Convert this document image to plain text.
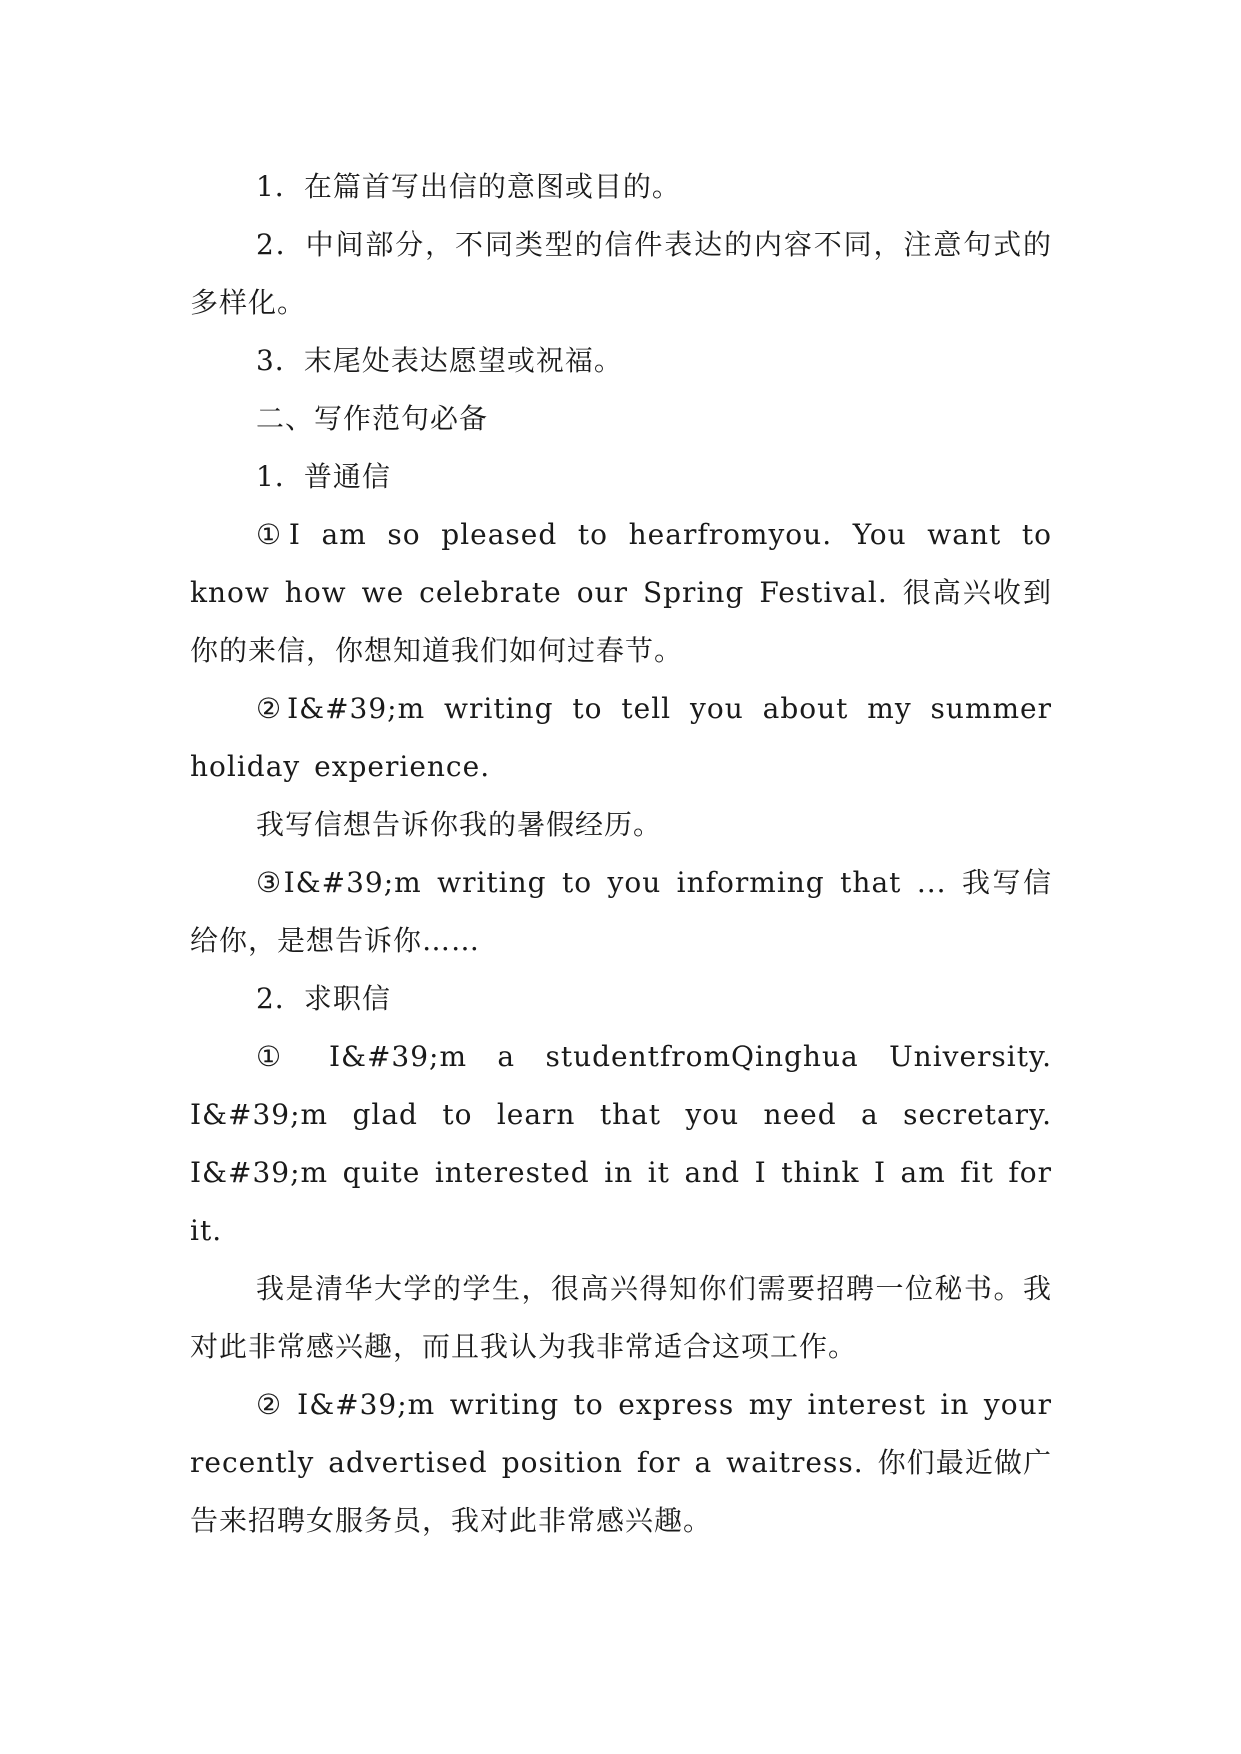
1．在篇首写出信的意图或目的。

2．中间部分，不同类型的信件表达的内容不同，注意句式的多样化。

3．末尾处表达愿望或祝福。

二、写作范句必备

1．普通信

①I am so pleased to hearfromyou. You want to know how we celebrate our Spring Festival. 很高兴收到你的来信，你想知道我们如何过春节。

②I&#39;m writing to tell you about my summer holiday experience.

我写信想告诉你我的暑假经历。

③I&#39;m writing to you informing that ... 我写信给你，是想告诉你……

2．求职信

① I&#39;m a studentfromQinghua University. I&#39;m glad to learn that you need a secretary. I&#39;m quite interested in it and I think I am fit for it.

我是清华大学的学生，很高兴得知你们需要招聘一位秘书。我对此非常感兴趣，而且我认为我非常适合这项工作。

② I&#39;m writing to express my interest in your recently advertised position for a waitress. 你们最近做广告来招聘女服务员，我对此非常感兴趣。
